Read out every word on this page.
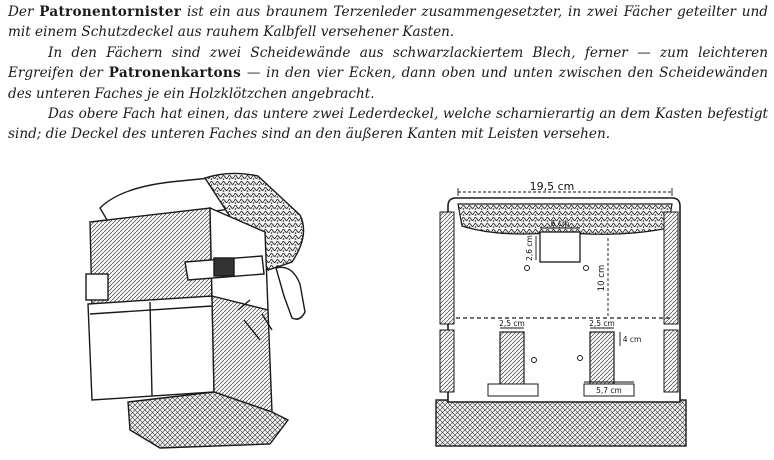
Der Patronentornister ist ein aus braunem Terzenleder zusammengesetzter, in zwei Fächer geteilter und mit einem Schutzdeckel aus rauhem Kalbfell versehener Kasten.

In den Fächern sind zwei Scheidewände aus schwarzlackiertem Blech, ferner — zum leichteren Ergreifen der Patronenkartons — in den vier Ecken, dann oben und unten zwischen den Scheidewänden des unteren Faches je ein Holzklötzchen angebracht.

Das obere Fach hat einen, das untere zwei Lederdeckel, welche scharnierartig an dem Kasten befestigt sind; die Deckel des unteren Faches sind an den äußeren Kanten mit Leisten versehen.

19,5 cm
6 cm
2,6 cm
10 cm
2,5 cm	2,5 cm
4 cm
5,7 cm
